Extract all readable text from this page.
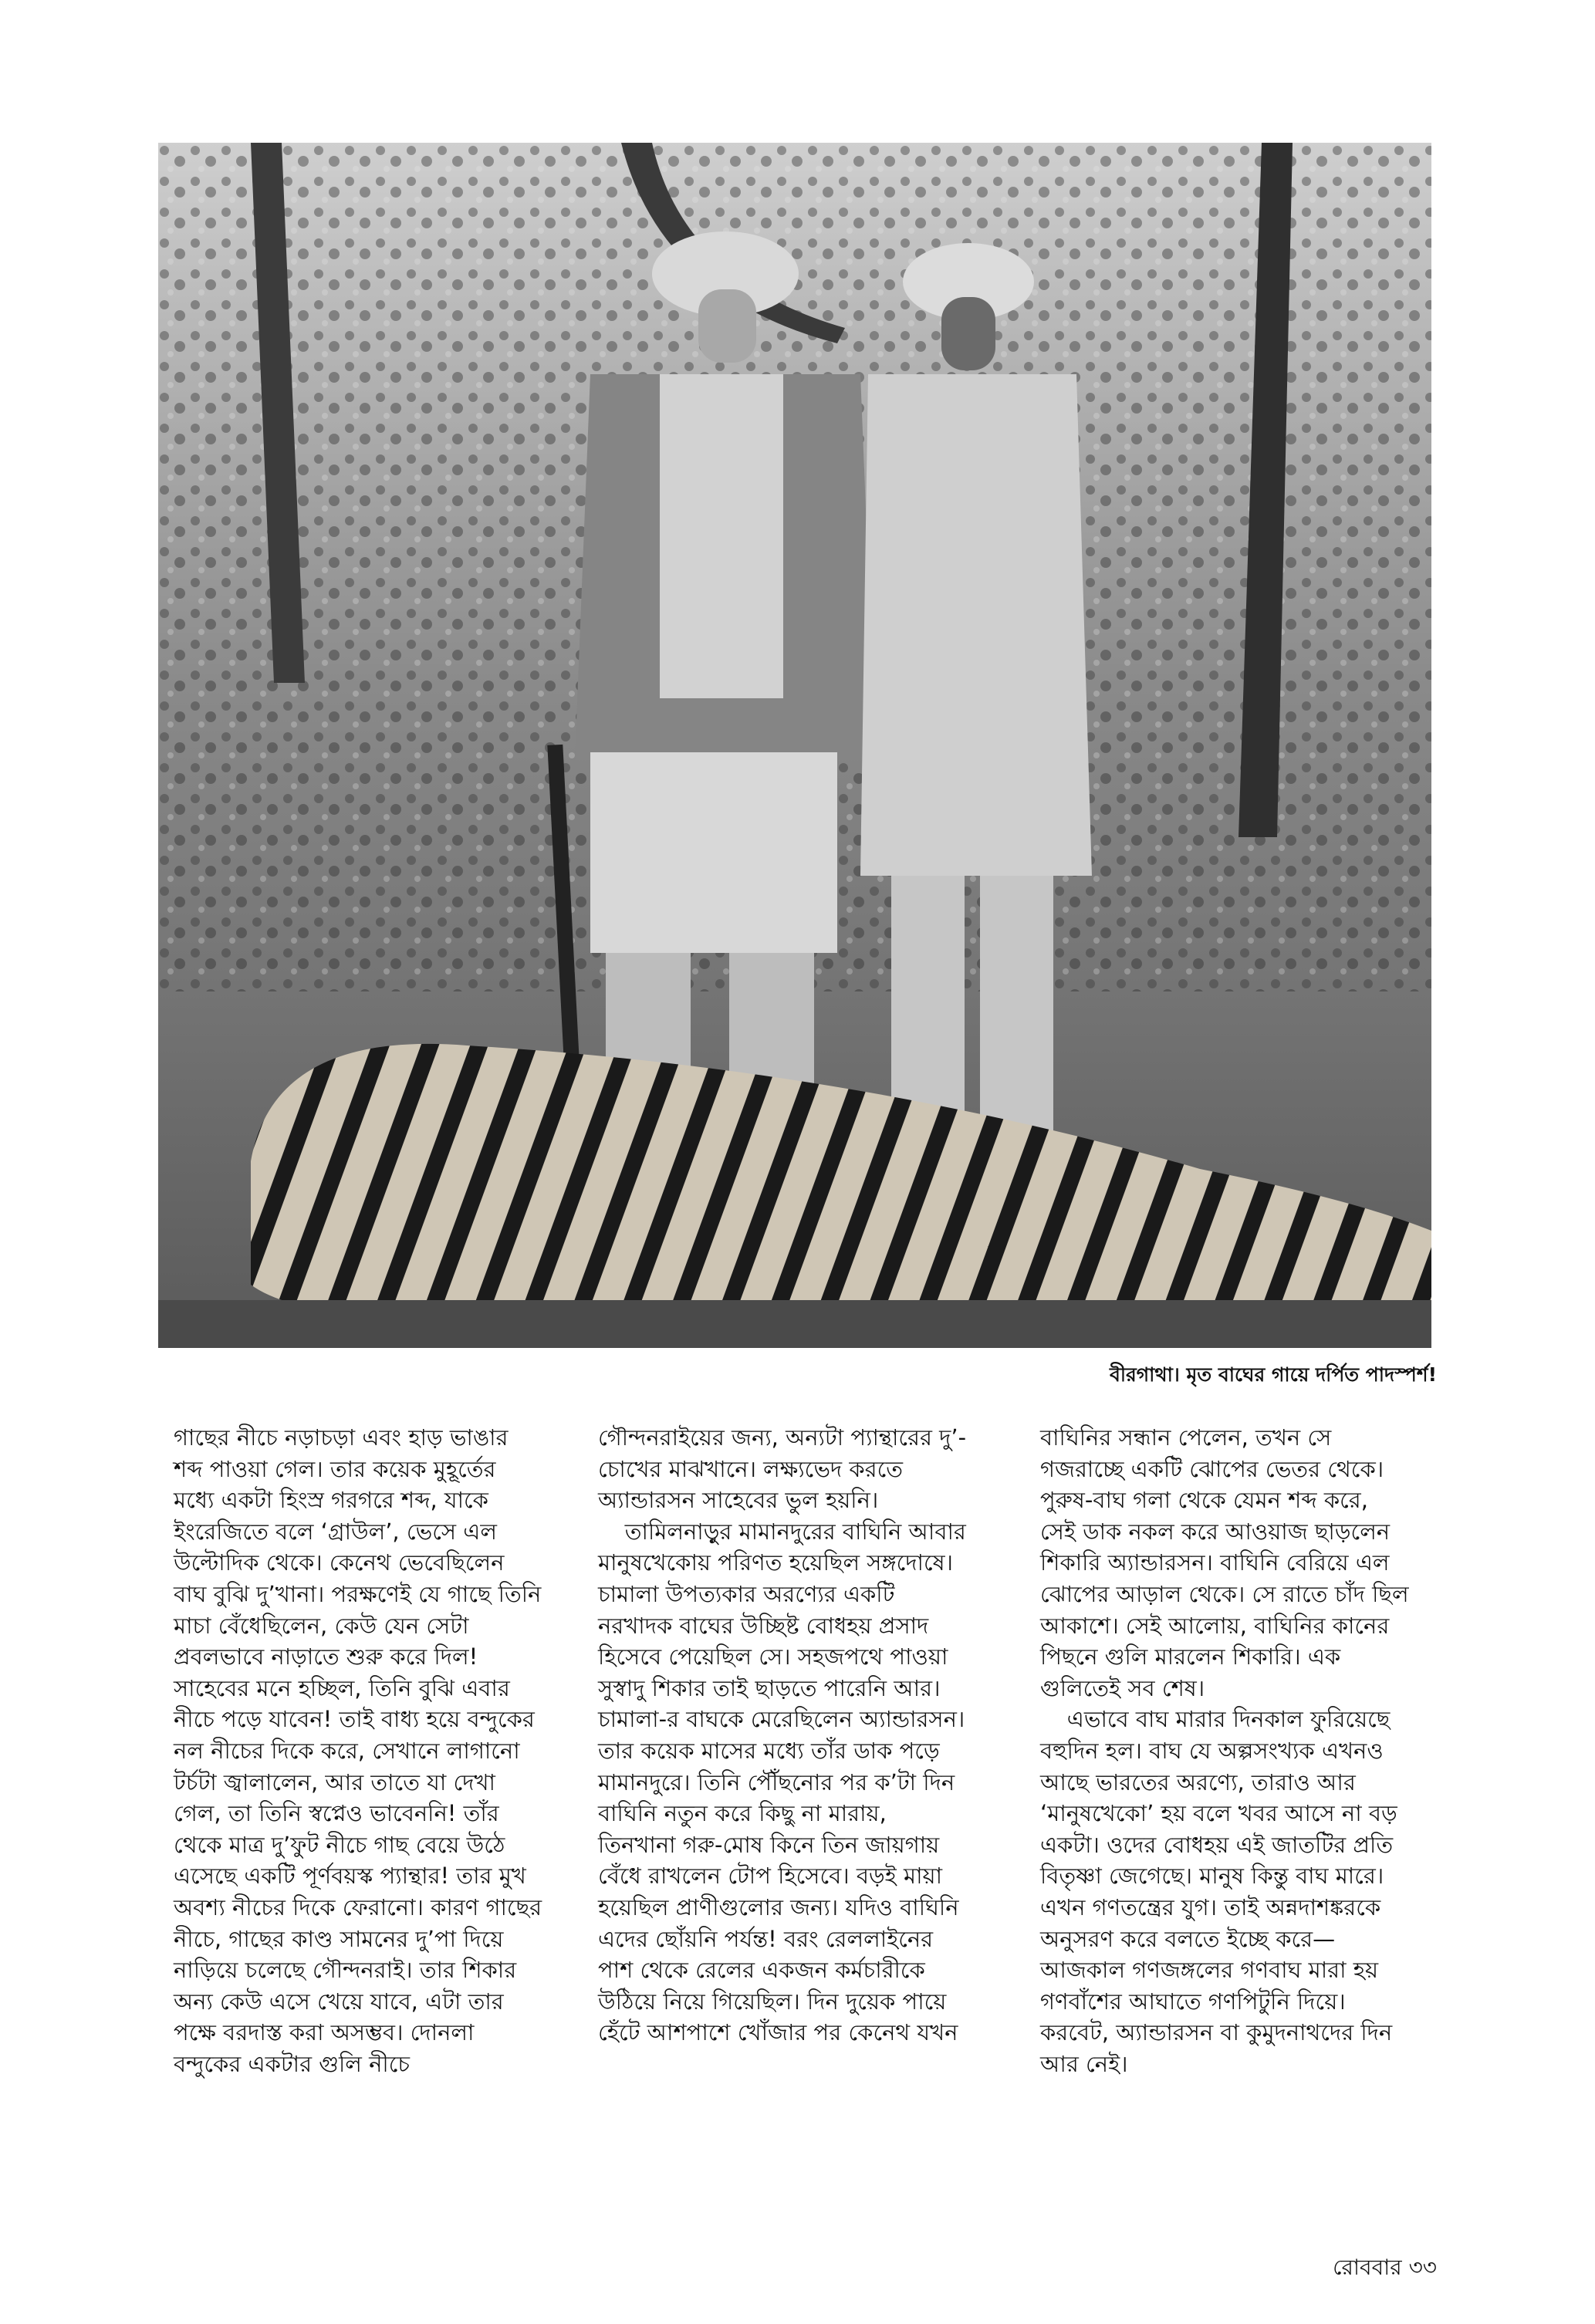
বীরগাথা। মৃত বাঘের গায়ে দর্পিত পাদস্পর্শ!

গাছের নীচে নড়াচড়া এবং হাড় ভাঙার শব্দ পাওয়া গেল। তার কয়েক মুহূর্তের মধ্যে একটা হিংস্র গরগরে শব্দ, যাকে ইংরেজিতে বলে ‘গ্রাউল’, ভেসে এল উল্টোদিক থেকে। কেনেথ ভেবেছিলেন বাঘ বুঝি দু’খানা। পরক্ষণেই যে গাছে তিনি মাচা বেঁধেছিলেন, কেউ যেন সেটা প্রবলভাবে নাড়াতে শুরু করে দিল! সাহেবের মনে হচ্ছিল, তিনি বুঝি এবার নীচে পড়ে যাবেন! তাই বাধ্য হয়ে বন্দুকের নল নীচের দিকে করে, সেখানে লাগানো টর্চটা জ্বালালেন, আর তাতে যা দেখা গেল, তা তিনি স্বপ্নেও ভাবেননি! তাঁর থেকে মাত্র দু’ফুট নীচে গাছ বেয়ে উঠে এসেছে একটি পূর্ণবয়স্ক প্যান্থার! তার মুখ অবশ্য নীচের দিকে ফেরানো। কারণ গাছের নীচে, গাছের কাণ্ড সামনের দু’পা দিয়ে নাড়িয়ে চলেছে গৌন্দনরাই। তার শিকার অন্য কেউ এসে খেয়ে যাবে, এটা তার পক্ষে বরদাস্ত করা অসম্ভব। দোনলা বন্দুকের একটার গুলি নীচে

গৌন্দনরাইয়ের জন্য, অন্যটা প্যান্থারের দু’-চোখের মাঝখানে। লক্ষ্যভেদ করতে অ্যান্ডারসন সাহেবের ভুল হয়নি।

তামিলনাড়ুর মামানদুরের বাঘিনি আবার মানুষখেকোয় পরিণত হয়েছিল সঙ্গদোষে। চামালা উপত্যকার অরণ্যের একটি নরখাদক বাঘের উচ্ছিষ্ট বোধহয় প্রসাদ হিসেবে পেয়েছিল সে। সহজপথে পাওয়া সুস্বাদু শিকার তাই ছাড়তে পারেনি আর। চামালা-র বাঘকে মেরেছিলেন অ্যান্ডারসন। তার কয়েক মাসের মধ্যে তাঁর ডাক পড়ে মামানদুরে। তিনি পৌঁছনোর পর ক’টা দিন বাঘিনি নতুন করে কিছু না মারায়, তিনখানা গরু-মোষ কিনে তিন জায়গায় বেঁধে রাখলেন টোপ হিসেবে। বড়ই মায়া হয়েছিল প্রাণীগুলোর জন্য। যদিও বাঘিনি এদের ছোঁয়নি পর্যন্ত! বরং রেললাইনের পাশ থেকে রেলের একজন কর্মচারীকে উঠিয়ে নিয়ে গিয়েছিল। দিন দুয়েক পায়ে হেঁটে আশপাশে খোঁজার পর কেনেথ যখন

বাঘিনির সন্ধান পেলেন, তখন সে গজরাচ্ছে একটি ঝোপের ভেতর থেকে। পুরুষ-বাঘ গলা থেকে যেমন শব্দ করে, সেই ডাক নকল করে আওয়াজ ছাড়লেন শিকারি অ্যান্ডারসন। বাঘিনি বেরিয়ে এল ঝোপের আড়াল থেকে। সে রাতে চাঁদ ছিল আকাশে। সেই আলোয়, বাঘিনির কানের পিছনে গুলি মারলেন শিকারি। এক গুলিতেই সব শেষ।

এভাবে বাঘ মারার দিনকাল ফুরিয়েছে বহুদিন হল। বাঘ যে অল্পসংখ্যক এখনও আছে ভারতের অরণ্যে, তারাও আর ‘মানুষখেকো’ হয় বলে খবর আসে না বড় একটা। ওদের বোধহয় এই জাতটির প্রতি বিতৃষ্ণা জেগেছে। মানুষ কিন্তু বাঘ মারে। এখন গণতন্ত্রের যুগ। তাই অন্নদাশঙ্করকে অনুসরণ করে বলতে ইচ্ছে করে— আজকাল গণজঙ্গলের গণবাঘ মারা হয় গণবাঁশের আঘাতে গণপিটুনি দিয়ে। করবেট, অ্যান্ডারসন বা কুমুদনাথদের দিন আর নেই।

রোববার ৩৩
